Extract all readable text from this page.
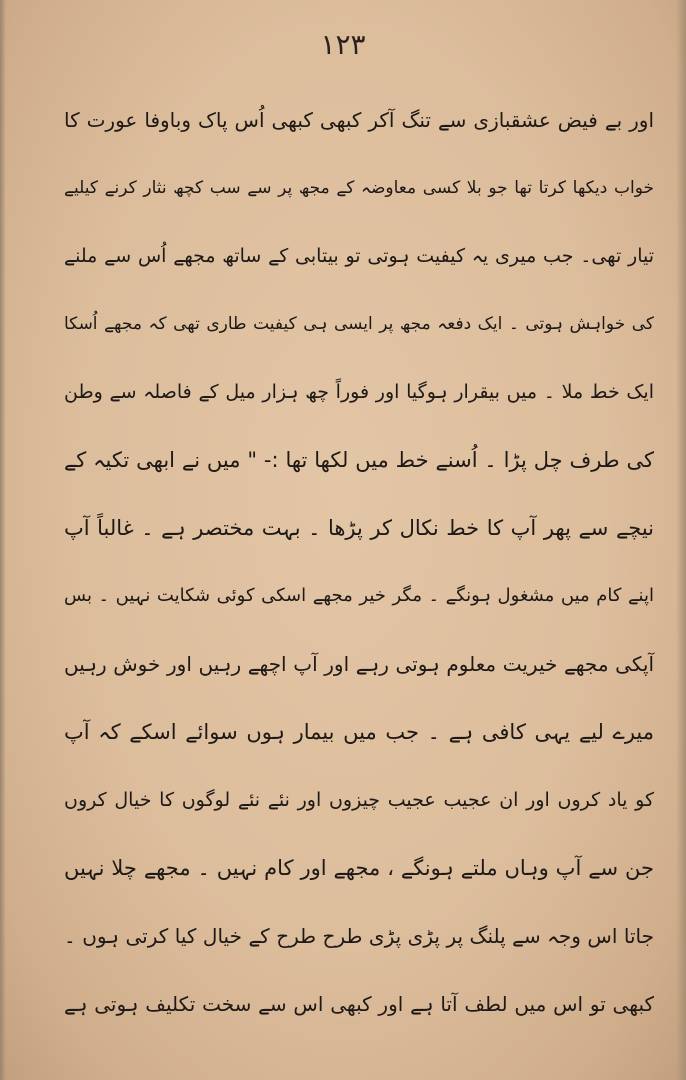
۱۲۳
اور بے فیض عشقبازی سے تنگ آکر کبھی کبھی اُس پاک وباوفا عورت کا
خواب دیکھا کرتا تھا جو بلا کسی معاوضہ کے مجھ پر سے سب کچھ نثار کرنے کیلیے
تیار تھی۔ جب میری یہ کیفیت ہوتی تو بیتابی کے ساتھ مجھے اُس سے ملنے
کی خواہش ہوتی ۔ ایک دفعہ مجھ پر ایسی ہی کیفیت طاری تھی کہ مجھے اُسکا
ایک خط ملا ۔ میں بیقرار ہوگیا اور فوراً چھ ہزار میل کے فاصلہ سے وطن
کی طرف چل پڑا ۔ اُسنے خط میں لکھا تھا :- " میں نے ابھی تکیہ کے
نیچے سے پھر آپ کا خط نکال کر پڑھا ۔ بہت مختصر ہے ۔ غالباً آپ
اپنے کام میں مشغول ہونگے ۔ مگر خیر مجھے اسکی کوئی شکایت نہیں ۔ بس
آپکی مجھے خیریت معلوم ہوتی رہے اور آپ اچھے رہیں اور خوش رہیں
میرے لیے یہی کافی ہے ۔ جب میں بیمار ہوں سوائے اسکے کہ آپ
کو یاد کروں اور ان عجیب عجیب چیزوں اور نئے نئے لوگوں کا خیال کروں
جن سے آپ وہاں ملتے ہونگے ، مجھے اور کام نہیں ۔ مجھے چلا نہیں
جاتا اس وجہ سے پلنگ پر پڑی پڑی طرح طرح کے خیال کیا کرتی ہوں ۔
کبھی تو اس میں لطف آتا ہے اور کبھی اس سے سخت تکلیف ہوتی ہے
